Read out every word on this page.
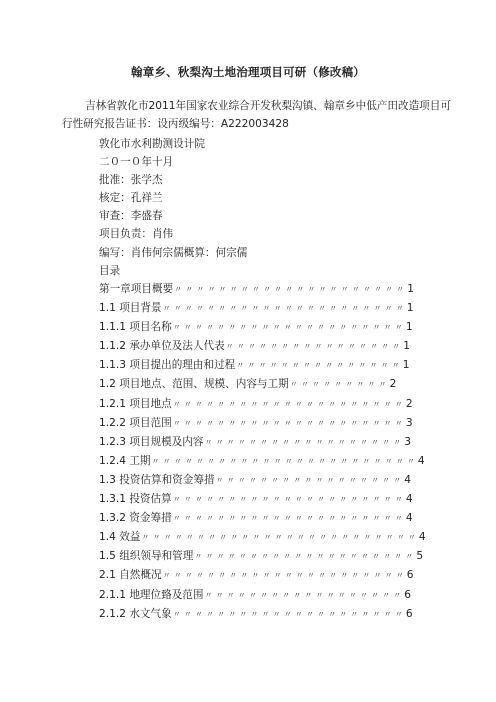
翰章乡、秋梨沟土地治理项目可研（修改稿）
吉林省敦化市2011年国家农业综合开发秋梨沟镇、翰章乡中低产田改造项目可行性研究报告证书：设丙级编号：A222003428
敦化市水利勘测设计院
二０一０年十月
批准：张学杰
核定：孔祥兰
审查：李盛春
项目负责：肖伟
编写：肖伟何宗儒概算：何宗儒
目录
第一章项目概要 〃〃〃〃〃〃〃〃〃〃〃〃〃〃〃〃〃〃〃〃〃 1
1.1 项目背景 〃〃〃〃〃〃〃〃〃〃〃〃〃〃〃〃〃〃〃〃〃〃 1
1.1.1 项目名称 〃〃〃〃〃〃〃〃〃〃〃〃〃〃〃〃〃〃〃〃〃 1
1.1.2 承办单位及法人代表 〃〃〃〃〃〃〃〃〃〃〃〃〃〃〃〃 1
1.1.3 项目提出的理由和过程 〃〃〃〃〃〃〃〃〃〃〃〃〃〃〃 1
1.2 项目地点、范围、规模、内容与工期 〃〃〃〃〃〃〃〃〃 2
1.2.1 项目地点 〃〃〃〃〃〃〃〃〃〃〃〃〃〃〃〃〃〃〃〃〃 2
1.2.2 项目范围 〃〃〃〃〃〃〃〃〃〃〃〃〃〃〃〃〃〃〃〃〃 3
1.2.3 项目规模及内容 〃〃〃〃〃〃〃〃〃〃〃〃〃〃〃〃〃〃 3
1.2.4 工期 〃〃〃〃〃〃〃〃〃〃〃〃〃〃〃〃〃〃〃〃〃〃〃〃 4
1.3 投资估算和资金筹措 〃〃〃〃〃〃〃〃〃〃〃〃〃〃〃〃〃 4
1.3.1 投资估算 〃〃〃〃〃〃〃〃〃〃〃〃〃〃〃〃〃〃〃〃〃 4
1.3.2 资金筹措 〃〃〃〃〃〃〃〃〃〃〃〃〃〃〃〃〃〃〃〃〃 4
1.4 效益 〃〃〃〃〃〃〃〃〃〃〃〃〃〃〃〃〃〃〃〃〃〃〃〃〃 4
1.5 组织领导和管理 〃〃〃〃〃〃〃〃〃〃〃〃〃〃〃〃〃〃〃〃 5
2.1 自然概况 〃〃〃〃〃〃〃〃〃〃〃〃〃〃〃〃〃〃〃〃〃〃 6
2.1.1 地理位臵及范围 〃〃〃〃〃〃〃〃〃〃〃〃〃〃〃〃〃〃 6
2.1.2 水文气象 〃〃〃〃〃〃〃〃〃〃〃〃〃〃〃〃〃〃〃〃〃 6
